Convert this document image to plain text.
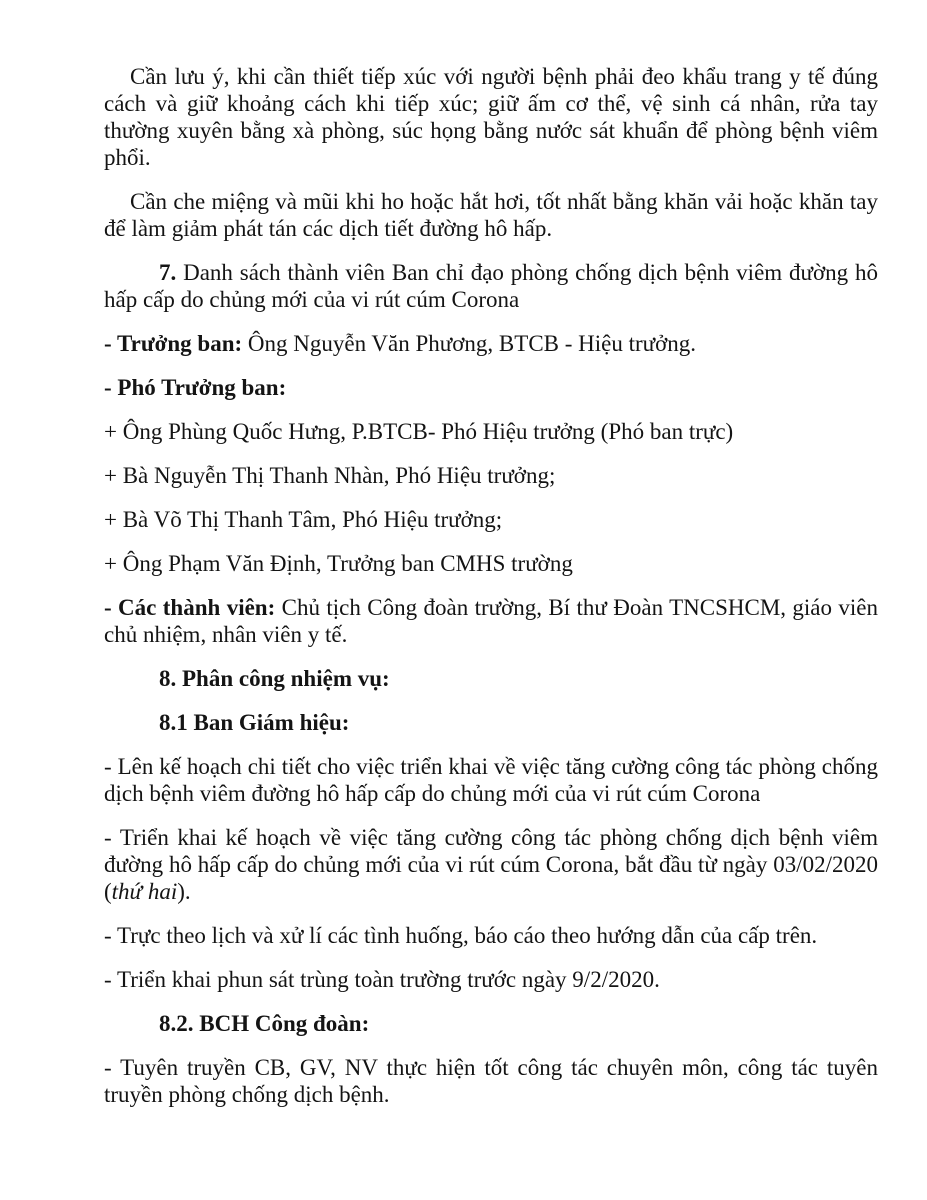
Cần lưu ý, khi cần thiết tiếp xúc với người bệnh phải đeo khẩu trang y tế đúng cách và giữ khoảng cách khi tiếp xúc; giữ ấm cơ thể, vệ sinh cá nhân, rửa tay thường xuyên bằng xà phòng, súc họng bằng nước sát khuẩn để phòng bệnh viêm phổi.

Cần che miệng và mũi khi ho hoặc hắt hơi, tốt nhất bằng khăn vải hoặc khăn tay để làm giảm phát tán các dịch tiết đường hô hấp.

7. Danh sách thành viên Ban chỉ đạo phòng chống dịch bệnh viêm đường hô hấp cấp do chủng mới của vi rút cúm Corona

- Trưởng ban: Ông Nguyễn Văn Phương, BTCB - Hiệu trưởng.

- Phó Trưởng ban:

+ Ông Phùng Quốc Hưng, P.BTCB- Phó Hiệu trưởng (Phó ban trực)

+ Bà Nguyễn Thị Thanh Nhàn, Phó Hiệu trưởng;

+ Bà Võ Thị Thanh Tâm, Phó Hiệu trưởng;

+ Ông Phạm Văn Định, Trưởng ban CMHS trường

- Các thành viên: Chủ tịch Công đoàn trường, Bí thư Đoàn TNCSHCM, giáo viên chủ nhiệm, nhân viên y tế.

8. Phân công nhiệm vụ:

8.1 Ban Giám hiệu:

- Lên kế hoạch chi tiết cho việc triển khai về việc tăng cường công tác phòng chống dịch bệnh viêm đường hô hấp cấp do chủng mới của vi rút cúm Corona

- Triển khai kế hoạch về việc tăng cường công tác phòng chống dịch bệnh viêm đường hô hấp cấp do chủng mới của vi rút cúm Corona, bắt đầu từ ngày 03/02/2020 (thứ hai).

- Trực theo lịch và xử lí các tình huống, báo cáo theo hướng dẫn của cấp trên.

- Triển khai phun sát trùng toàn trường trước ngày 9/2/2020.

8.2. BCH Công đoàn:

- Tuyên truyền CB, GV, NV thực hiện tốt công tác chuyên môn, công tác tuyên truyền phòng chống dịch bệnh.
